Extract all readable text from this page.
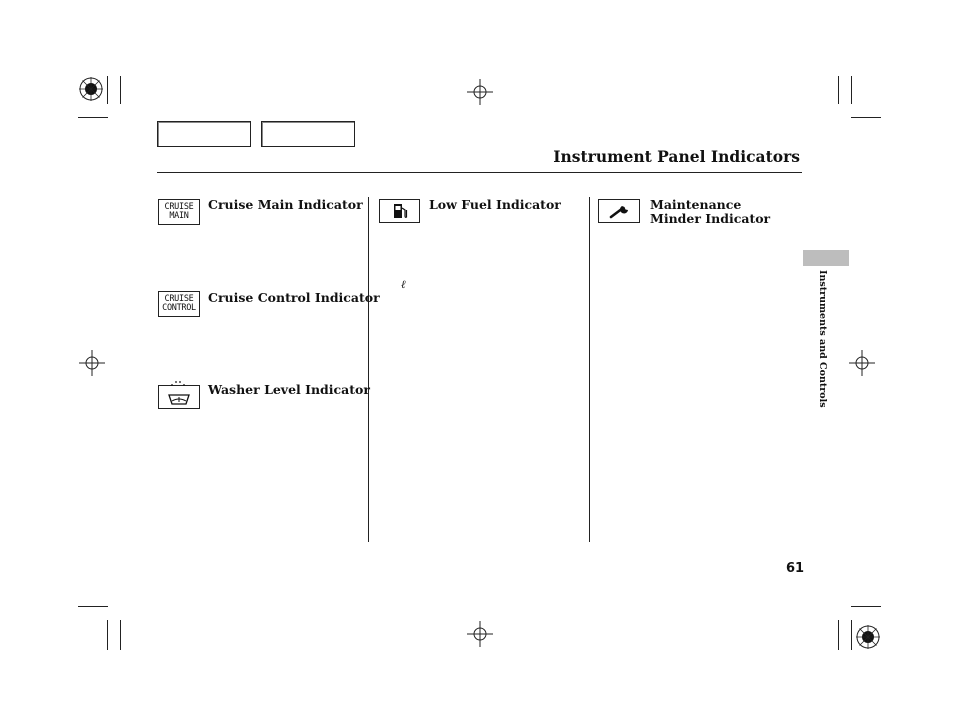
Instrument Panel Indicators
CRUISE
MAIN
Cruise Main Indicator
CRUISE
CONTROL
Cruise Control Indicator
Washer Level Indicator
Low Fuel Indicator
ℓ
Maintenance Minder Indicator
Instruments and Controls
61
